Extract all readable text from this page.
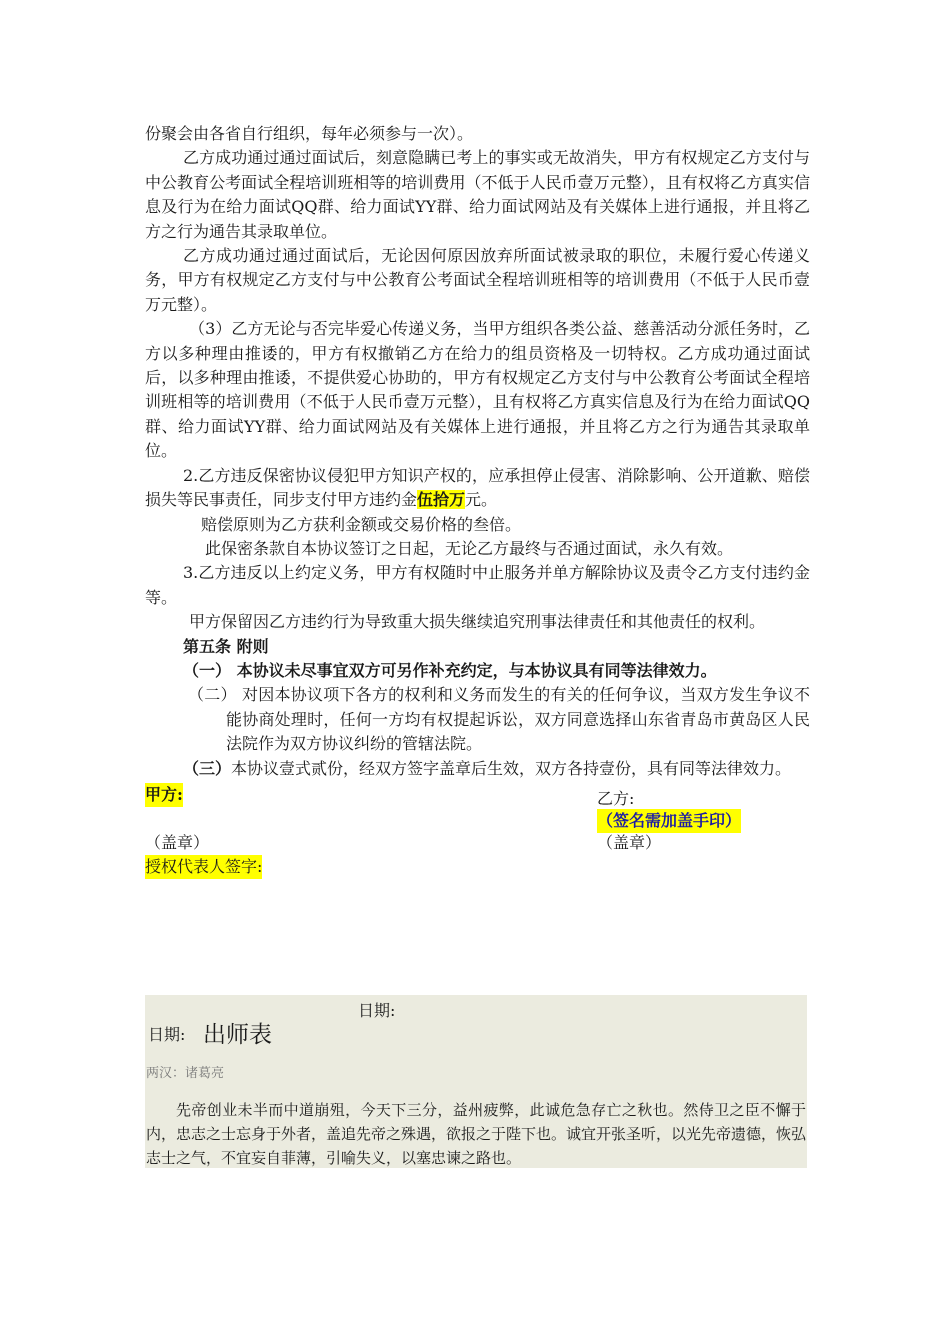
份聚会由各省自行组织，每年必须参与一次）。

乙方成功通过通过面试后，刻意隐瞒已考上的事实或无故消失，甲方有权规定乙方支付与中公教育公考面试全程培训班相等的培训费用（不低于人民币壹万元整），且有权将乙方真实信息及行为在给力面试QQ群、给力面试YY群、给力面试网站及有关媒体上进行通报，并且将乙方之行为通告其录取单位。

乙方成功通过通过面试后，无论因何原因放弃所面试被录取的职位，未履行爱心传递义务，甲方有权规定乙方支付与中公教育公考面试全程培训班相等的培训费用（不低于人民币壹万元整）。

（3）乙方无论与否完毕爱心传递义务，当甲方组织各类公益、慈善活动分派任务时，乙方以多种理由推诿的，甲方有权撤销乙方在给力的组员资格及一切特权。乙方成功通过面试后，以多种理由推诿，不提供爱心协助的，甲方有权规定乙方支付与中公教育公考面试全程培训班相等的培训费用（不低于人民币壹万元整），且有权将乙方真实信息及行为在给力面试QQ群、给力面试YY群、给力面试网站及有关媒体上进行通报，并且将乙方之行为通告其录取单位。

2.乙方违反保密协议侵犯甲方知识产权的，应承担停止侵害、消除影响、公开道歉、赔偿损失等民事责任，同步支付甲方违约金伍拾万元。

赔偿原则为乙方获利金额或交易价格的叁倍。

此保密条款自本协议签订之日起，无论乙方最终与否通过面试，永久有效。

3.乙方违反以上约定义务，甲方有权随时中止服务并单方解除协议及责令乙方支付违约金等。

甲方保留因乙方违约行为导致重大损失继续追究刑事法律责任和其他责任的权利。

第五条 附则

（一） 本协议未尽事宜双方可另作补充约定，与本协议具有同等法律效力。

（二） 对因本协议项下各方的权利和义务而发生的有关的任何争议，当双方发生争议不能协商处理时，任何一方均有权提起诉讼，双方同意选择山东省青岛市黄岛区人民法院作为双方协议纠纷的管辖法院。

（三）本协议壹式贰份，经双方签字盖章后生效，双方各持壹份，具有同等法律效力。

甲方:	乙方:
（签名需加盖手印）
（盖章）	（盖章）
授权代表人签字:
日期:
日期: 出师表
两汉：诸葛亮

先帝创业未半而中道崩殂，今天下三分，益州疲弊，此诚危急存亡之秋也。然侍卫之臣不懈于内，忠志之士忘身于外者，盖追先帝之殊遇，欲报之于陛下也。诚宜开张圣听，以光先帝遗德，恢弘志士之气，不宜妄自菲薄，引喻失义，以塞忠谏之路也。
